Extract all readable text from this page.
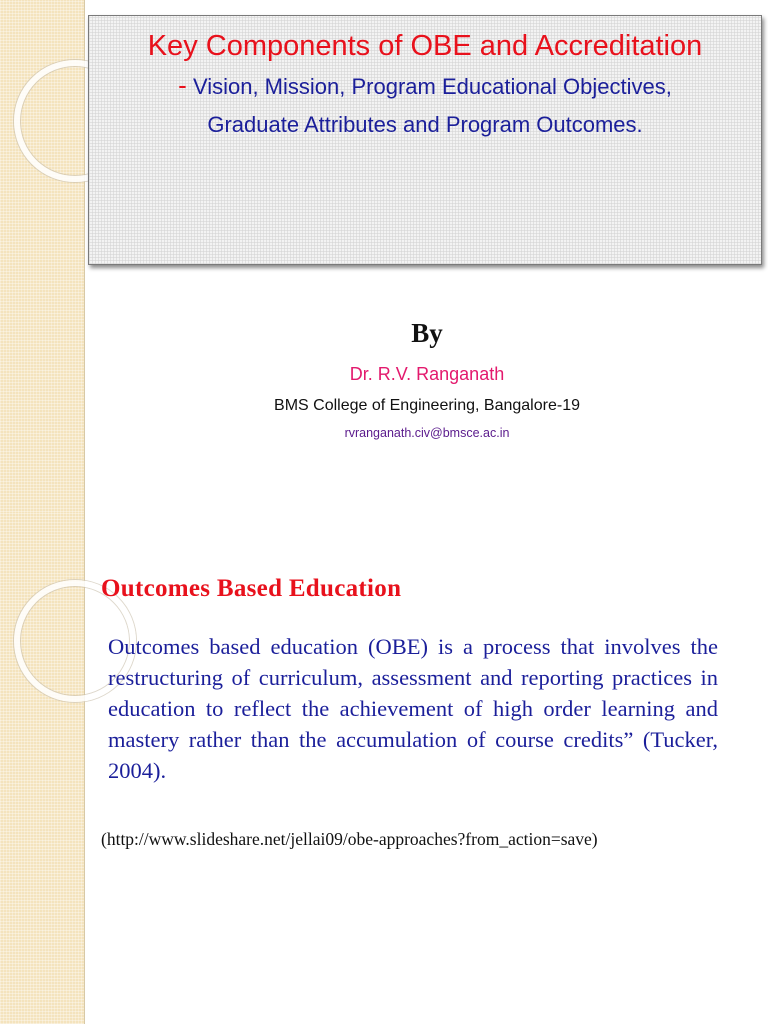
Key Components of OBE and Accreditation
- Vision, Mission, Program Educational Objectives,
Graduate Attributes and Program Outcomes.
By
Dr. R.V. Ranganath
BMS College of Engineering, Bangalore-19
rvranganath.civ@bmsce.ac.in
Outcomes Based Education
Outcomes based education (OBE) is a process that involves the restructuring of curriculum, assessment and reporting practices in education to reflect the achievement of high order learning and mastery rather than the accumulation of course credits” (Tucker, 2004).
(http://www.slideshare.net/jellai09/obe-approaches?from_action=save)
